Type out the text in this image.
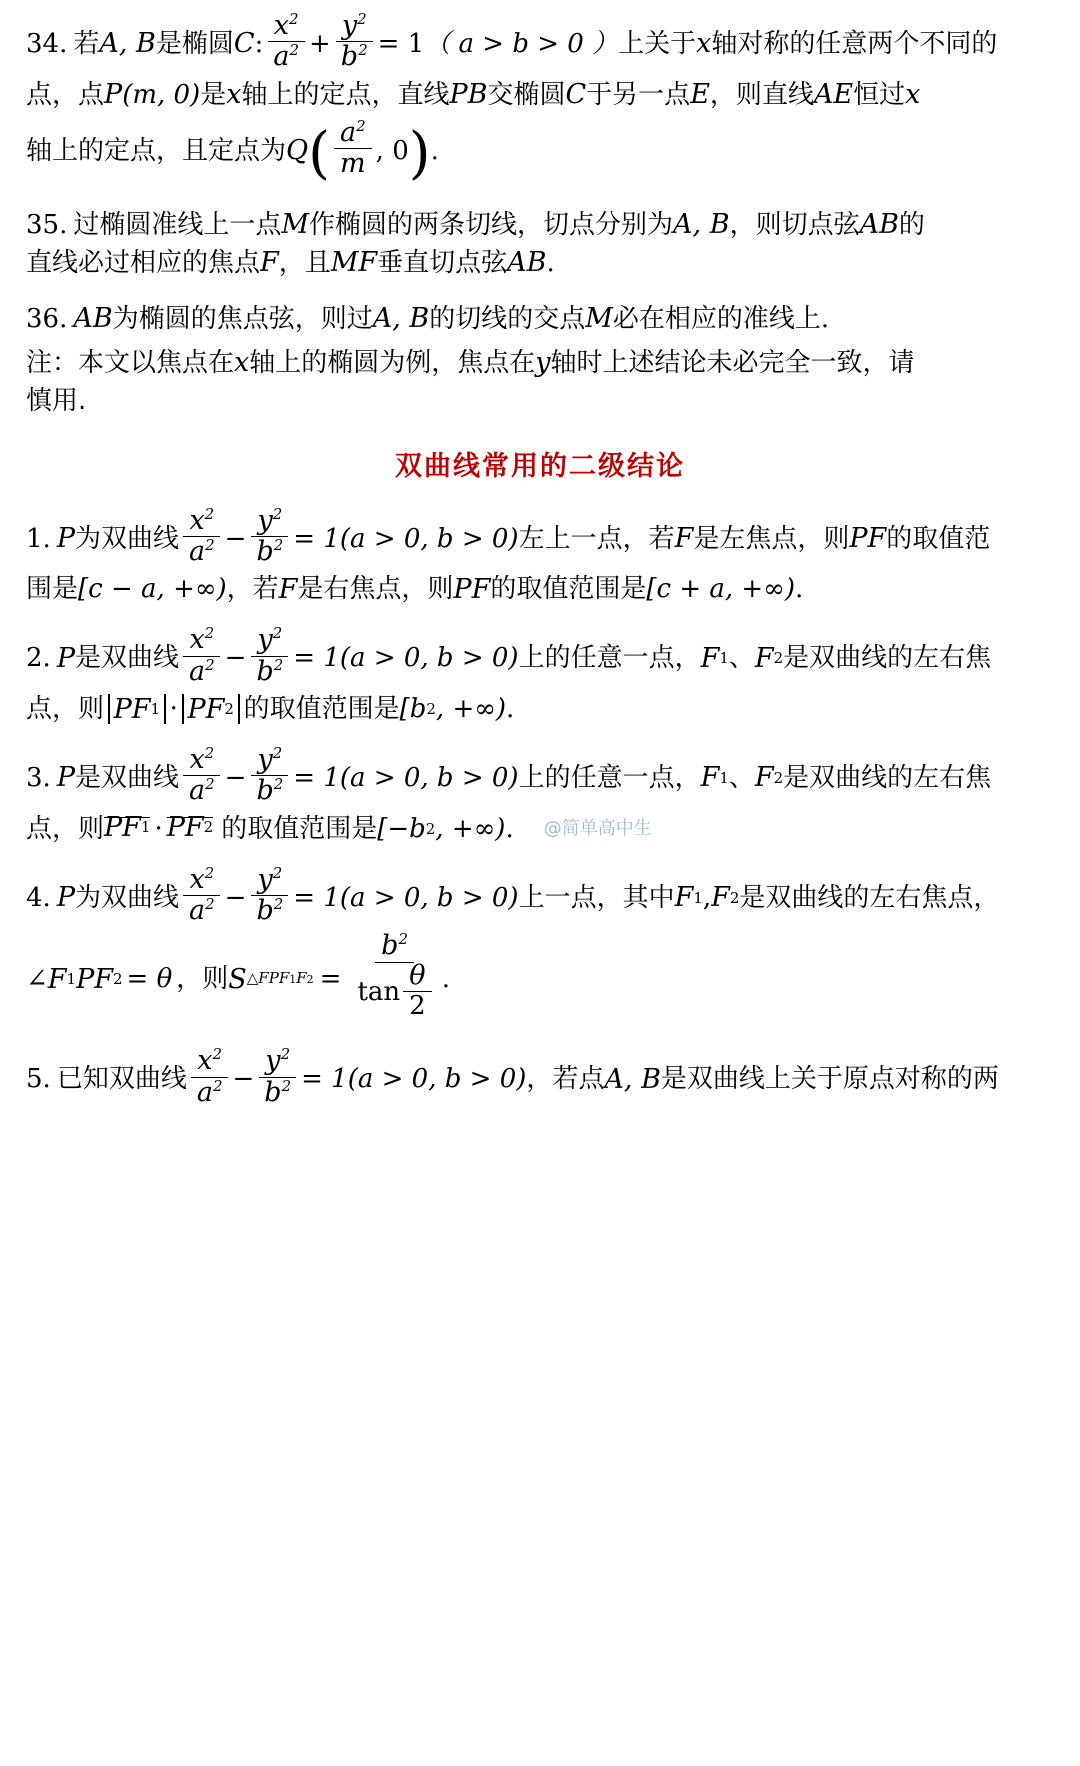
34. 若 A, B 是椭圆 C : $\frac{x^2}{a^2} + \frac{y^2}{b^2} = 1$ （ a > b > 0 ） 上关于 x 轴对称的任意两个不同的
点，点 P (m, 0) 是 x 轴上的定点，直线 PB 交椭圆 C 于另一点 E ，则直线 AE 恒过 x
轴上的定点，且定点为 Q ( $\frac{a^2}{m}$ , 0 ) .
35. 过椭圆准线上一点 M 作椭圆的两条切线，切点分别为 A, B ，则切点弦 AB 的
直线必过相应的焦点 F ，且 MF 垂直切点弦 AB .
36. AB 为椭圆的焦点弦，则过 A, B 的切线的交点 M 必在相应的准线上 .
注：本文以焦点在 x 轴上的椭圆为例，焦点在 y 轴时上述结论未必完全一致，请
慎用.
双曲线常用的二级结论
1. P 为双曲线 $\frac{x^2}{a^2} - \frac{y^2}{b^2} = 1(a > 0$, b > 0) 左上一点，若 F 是左焦点，则 PF 的取值范
围是 [c − a, +∞) ，若 F 是右焦点，则 PF 的取值范围是 [c + a, +∞) .
2. P 是双曲线 $\frac{x^2}{a^2} - \frac{y^2}{b^2} = 1(a > 0$, b > 0) 上的任意一点， F 1 、 F 2 是双曲线的左右焦
点，则 PF 1 · PF 2 的取值范围是 [b 2 , +∞) .
3. P 是双曲线 $\frac{x^2}{a^2} - \frac{y^2}{b^2} = 1(a > 0$, b > 0) 上的任意一点， F 1 、 F 2 是双曲线的左右焦
点，则 PF 1 · PF 2 的取值范围是 [−b 2 , +∞) . @简单高中生
4. P 为双曲线 $\frac{x^2}{a^2} - \frac{y^2}{b^2} = 1(a > 0$, b > 0) 上一点，其中 F 1 , F 2 是双曲线的左右焦点，
∠ F 1 P F 2 = θ ，则 S △FPF1F2 = $\frac{b^2}{\tan \frac{\theta}{2}}$ .
5. 已知双曲线 $\frac{x^2}{a^2} - \frac{y^2}{b^2} = 1(a > 0$, b > 0) ，若点 A, B 是双曲线上关于原点对称的两
